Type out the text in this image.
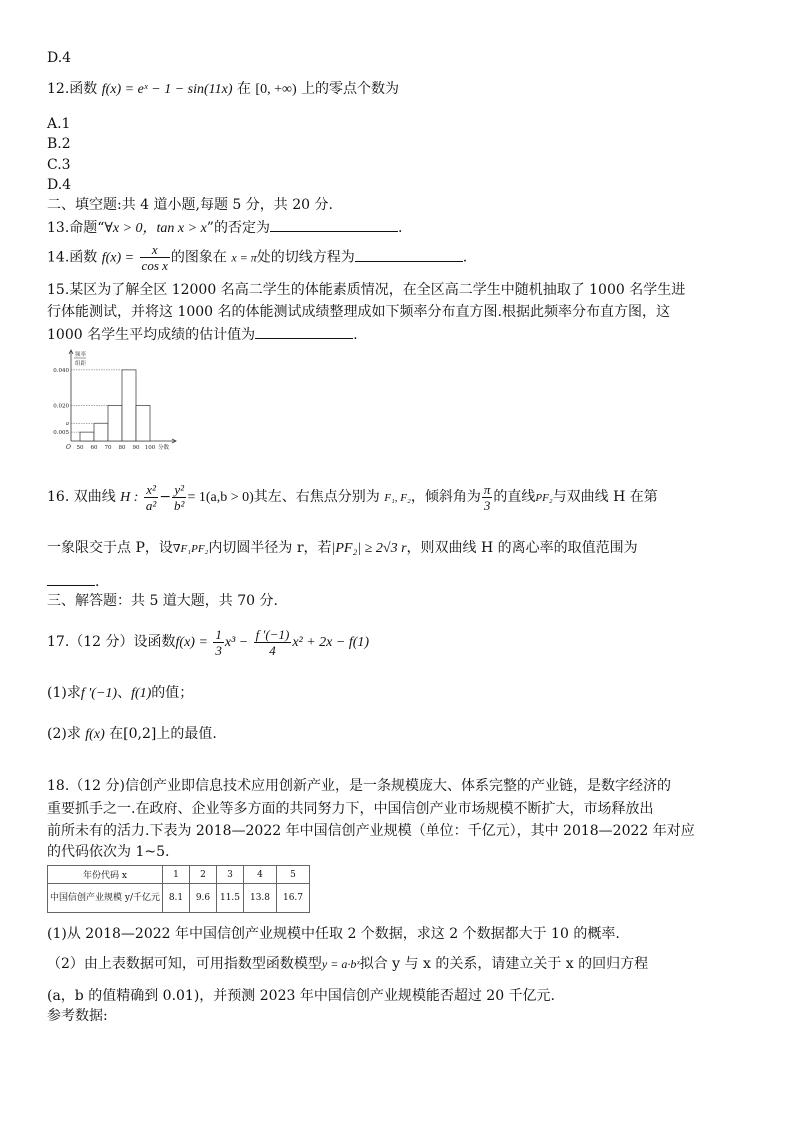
D.4
12.函数 f(x) = eˣ − 1 − sin(11x) 在 [0, +∞) 上的零点个数为
A.1
B.2
C.3
D.4
二、填空题:共 4 道小题,每题 5 分，共 20 分.
13.命题“∀x > 0，tan x > x”的否定为	.
14.函数 $f(x) = \frac{x}{\text{cos x}}$ 的图象在 x = π处的切线方程为	.
15.某区为了解全区 12000 名高二学生的体能素质情况，在全区高二学生中随机抽取了 1000 名学生进
行体能测试，并将这 1000 名的体能测试成绩整理成如下频率分布直方图.根据此频率分布直方图，这
1000 名学生平均成绩的估计值为	.
频率
组距
0.040
0.020
a
0.005
50 60 70 80 90 100 分数
O
16. 双曲线 H : $\frac{\text{x²}}{\text{a²}} - \frac{\text{y²}}{\text{b²}} = 1(a,b > 0)$其左、右焦点分别为 F₁, F₂，倾斜角为 $\frac{\pi}{3}$ 的直线PF₂与双曲线 H 在第
一象限交于点 P，设∇F₁PF₂内切圆半径为 r，若|PF₂| ≥ 2√3 r，则双曲线 H 的离心率的取值范围为
.
三、解答题：共 5 道大题，共 70 分.
17.（12 分）设函数$f(x) = \frac{1}{3} x^3 - \frac{f '(-1)}{4} x^2 + 2x - f(1)$
(1)求f ′(−1)、f(1)的值；
(2)求 f(x) 在[0,2]上的最值.
18.（12 分)信创产业即信息技术应用创新产业，是一条规模庞大、体系完整的产业链，是数字经济的
重要抓手之一.在政府、企业等多方面的共同努力下，中国信创产业市场规模不断扩大，市场释放出
前所未有的活力.下表为 2018—2022 年中国信创产业规模（单位：千亿元），其中 2018—2022 年对应
的代码依次为 1~5.
年份代码 x	1	2	3	4	5
中国信创产业规模 y/千亿元	8.1	9.6	11.5	13.8	16.7
(1)从 2018—2022 年中国信创产业规模中任取 2 个数据，求这 2 个数据都大于 10 的概率.
（2）由上表数据可知，可用指数型函数模型y = a·bˣ拟合 y 与 x 的关系，请建立关于 x 的回归方程
(a，b 的值精确到 0.01)，并预测 2023 年中国信创产业规模能否超过 20 千亿元.
参考数据:
